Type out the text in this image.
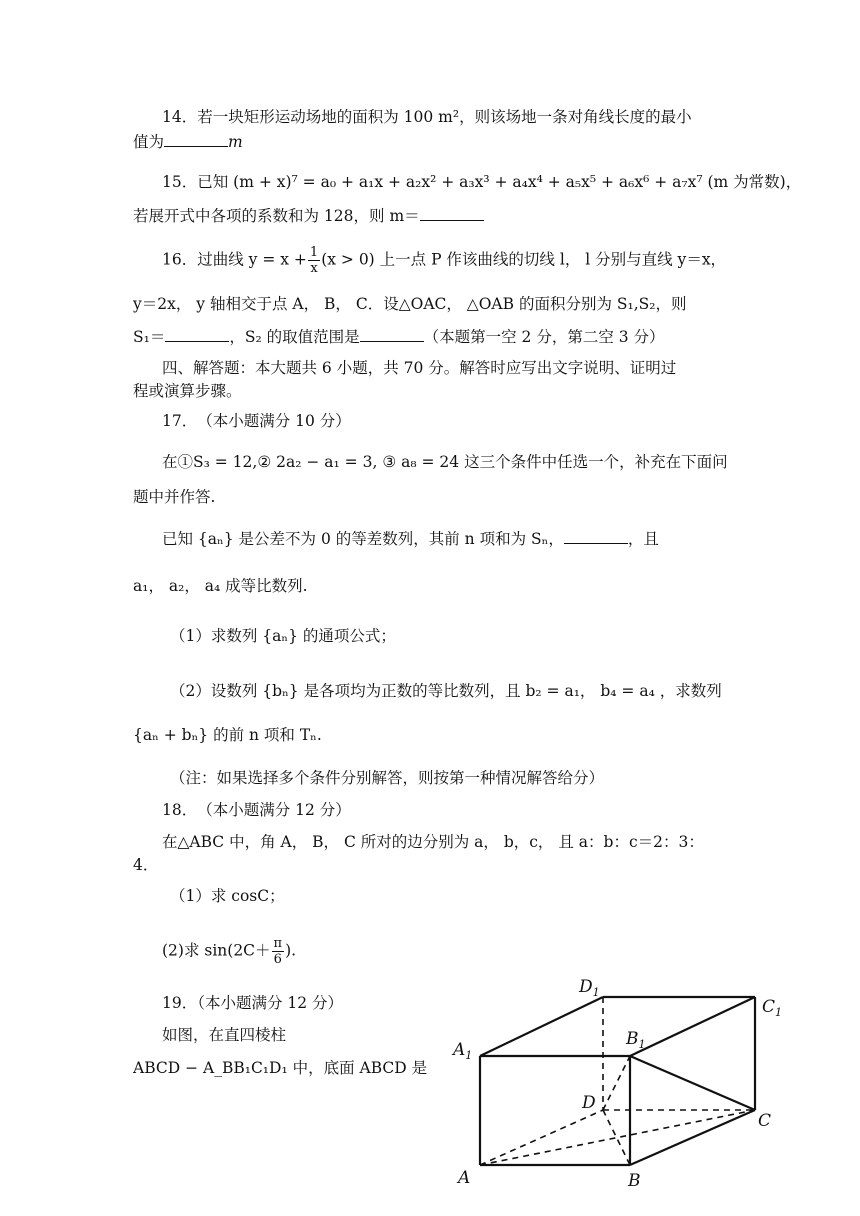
14．若一块矩形运动场地的面积为 100 m²，则该场地一条对角线长度的最小
值为	m
15．已知 (m + x)⁷ = a₀ + a₁x + a₂x² + a₃x³ + a₄x⁴ + a₅x⁵ + a₆x⁶ + a₇x⁷ (m 为常数)，
若展开式中各项的系数和为 128，则 m＝
16．过曲线 $y = x + \frac{1}{x} (x > 0)$ 上一点 P 作该曲线的切线 l， l 分别与直线 y＝x，
y＝2x， y 轴相交于点 A， B， C．设△OAC， △OAB 的面积分别为 S₁,S₂，则
S₁＝	，S₂ 的取值范围是	（本题第一空 2 分，第二空 3 分）
四、解答题：本大题共 6 小题，共 70 分。解答时应写出文字说明、证明过
程或演算步骤。
17．　（本小题满分 10 分）
在①S₃ = 12,② 2a₂ − a₁ = 3, ③ a₈ = 24 这三个条件中任选一个，补充在下面问
题中并作答.
已知 {aₙ} 是公差不为 0 的等差数列，其前 n 项和为 Sₙ，	，且
a₁， a₂， a₄ 成等比数列.
（1）求数列 {aₙ} 的通项公式；
（2）设数列 {bₙ} 是各项均为正数的等比数列，且 b₂ = a₁， b₄ = a₄ ，求数列
{aₙ + bₙ} 的前 n 项和 Tₙ.
（注：如果选择多个条件分别解答，则按第一种情况解答给分）
18．　（本小题满分 12 分）
在△ABC 中，角 A， B， C 所对的边分别为 a， b，c， 且 a：b：c＝2：3：
4．
（1）求 cosC；
(2)求 $\sin(2C+ \frac{\pi}{6}$ ).
19．（本小题满分 12 分）
如图，在直四棱柱
ABCD − A_BB₁C₁D₁ 中，底面 ABCD 是
$D_1$
$C_1$
$A_1$
$B_1$
D
C
A	B
